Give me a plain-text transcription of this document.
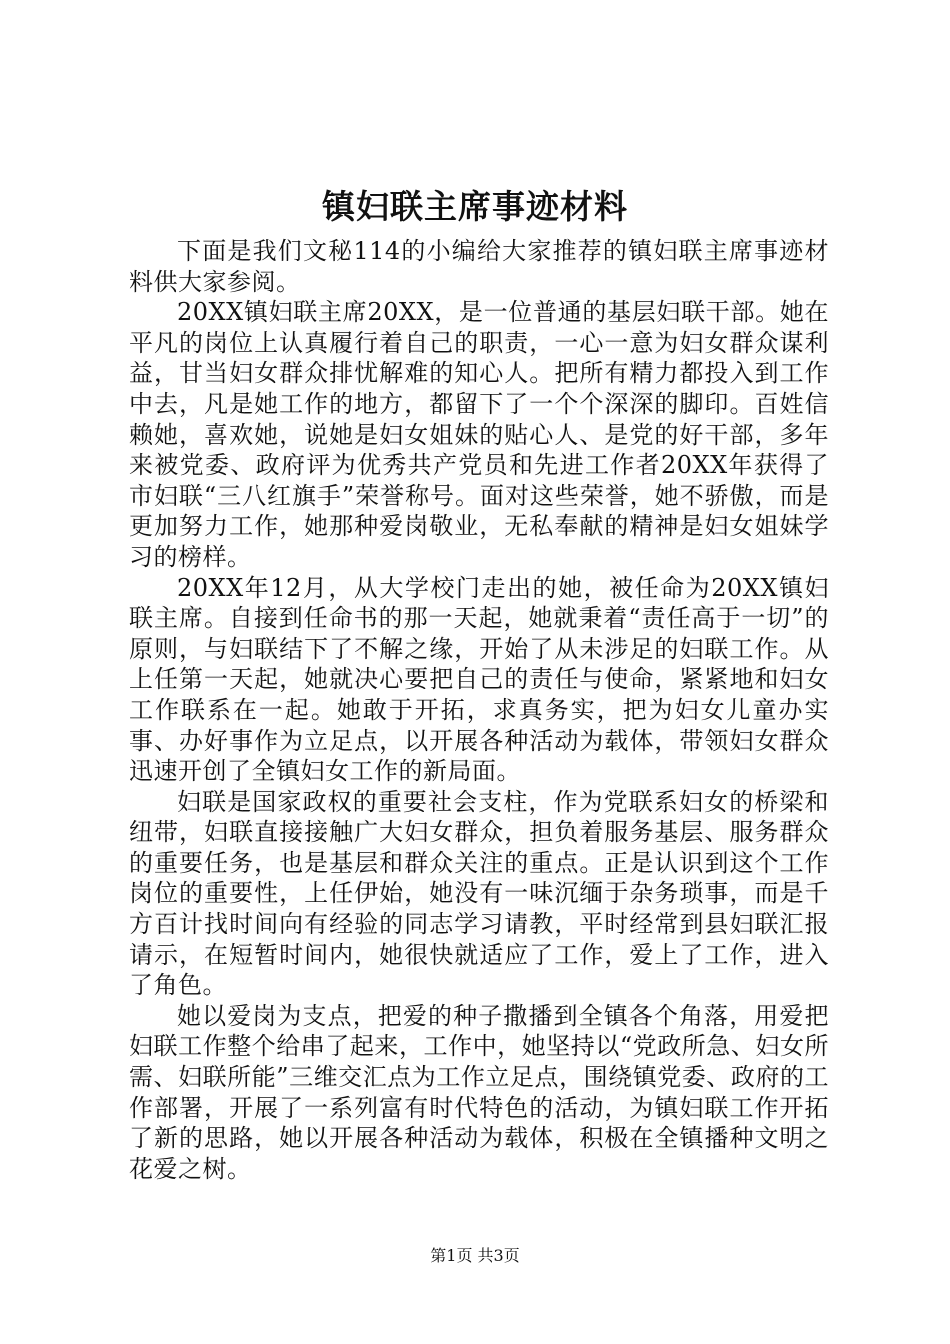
镇妇联主席事迹材料

下面是我们文秘114的小编给大家推荐的镇妇联主席事迹材料供大家参阅。

20XX镇妇联主席20XX，是一位普通的基层妇联干部。她在平凡的岗位上认真履行着自己的职责，一心一意为妇女群众谋利益，甘当妇女群众排忧解难的知心人。把所有精力都投入到工作中去，凡是她工作的地方，都留下了一个个深深的脚印。百姓信赖她，喜欢她，说她是妇女姐妹的贴心人、是党的好干部，多年来被党委、政府评为优秀共产党员和先进工作者20XX年获得了市妇联“三八红旗手”荣誉称号。面对这些荣誉，她不骄傲，而是更加努力工作，她那种爱岗敬业，无私奉献的精神是妇女姐妹学习的榜样。

20XX年12月，从大学校门走出的她，被任命为20XX镇妇联主席。自接到任命书的那一天起，她就秉着“责任高于一切”的原则，与妇联结下了不解之缘，开始了从未涉足的妇联工作。从上任第一天起，她就决心要把自己的责任与使命，紧紧地和妇女工作联系在一起。她敢于开拓，求真务实，把为妇女儿童办实事、办好事作为立足点，以开展各种活动为载体，带领妇女群众迅速开创了全镇妇女工作的新局面。

妇联是国家政权的重要社会支柱，作为党联系妇女的桥梁和纽带，妇联直接接触广大妇女群众，担负着服务基层、服务群众的重要任务，也是基层和群众关注的重点。正是认识到这个工作岗位的重要性，上任伊始，她没有一味沉缅于杂务琐事，而是千方百计找时间向有经验的同志学习请教，平时经常到县妇联汇报请示，在短暂时间内，她很快就适应了工作，爱上了工作，进入了角色。

她以爱岗为支点，把爱的种子撒播到全镇各个角落，用爱把妇联工作整个给串了起来，工作中，她坚持以“党政所急、妇女所需、妇联所能”三维交汇点为工作立足点，围绕镇党委、政府的工作部署，开展了一系列富有时代特色的活动，为镇妇联工作开拓了新的思路，她以开展各种活动为载体，积极在全镇播种文明之花爱之树。

第1页 共3页
